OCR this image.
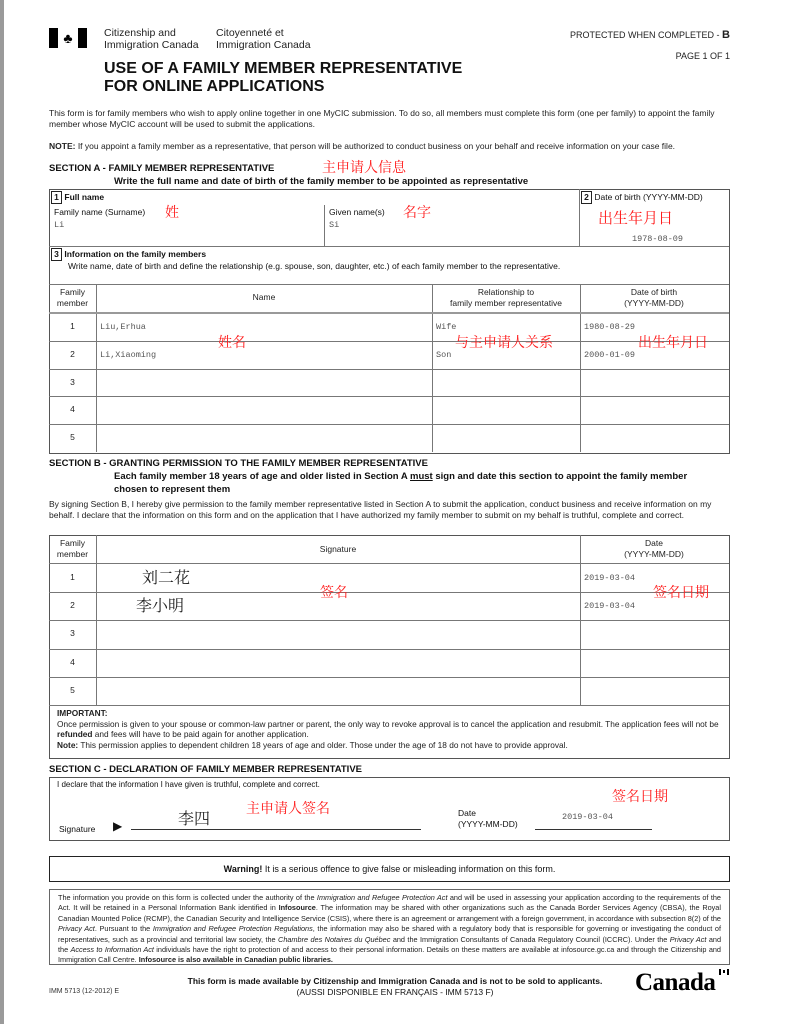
♣	Citizenship and
Immigration Canada
Citoyenneté et
Immigration Canada
PROTECTED WHEN COMPLETED - B
PAGE 1 OF 1
USE OF A FAMILY MEMBER REPRESENTATIVE
FOR ONLINE APPLICATIONS
This form is for family members who wish to apply online together in one MyCIC submission. To do so, all members must complete this form (one per family) to appoint the family member whose MyCIC account will be used to submit the applications.
NOTE: If you appoint a family member as a representative, that person will be authorized to conduct business on your behalf and receive information on your case file.
SECTION A - FAMILY MEMBER REPRESENTATIVE	主申请人信息
Write the full name and date of birth of the family member to be appointed as representative
1 Full name
Family name (Surname) 姓
Li
Given name(s) 名字
Si
2 Date of birth (YYYY-MM-DD)
出生年月日
1978-08-09
3 Information on the family members
Write name, date of birth and define the relationship (e.g. spouse, son, daughter, etc.) of each family member to the representative.
Family
member
Name	Relationship to
family member representative
Date of birth
(YYYY-MM-DD)
1	Liu,Erhua	Wife	1980-08-29
2	Li,Xiaoming	Son	2000-01-09
3
4
5
姓名	与主申请人关系	出生年月日
SECTION B - GRANTING PERMISSION TO THE FAMILY MEMBER REPRESENTATIVE
Each family member 18 years of age and older listed in Section A must sign and date this section to appoint the family member chosen to represent them
By signing Section B, I hereby give permission to the family member representative listed in Section A to submit the application, conduct business and receive information on my behalf. I declare that the information on this form and on the application that I have authorized my family member to submit on my behalf is truthful, complete and correct.
Family
member	Signature
Date
(YYYY-MM-DD)
1	刘二花	2019-03-04
2	李小明	2019-03-04
3
4
5
签名	签名日期
IMPORTANT:
Once permission is given to your spouse or common-law partner or parent, the only way to revoke approval is to cancel the application and resubmit. The application fees will not be refunded and fees will have to be paid again for another application.
Note: This permission applies to dependent children 18 years of age and older. Those under the age of 18 do not have to provide approval.
SECTION C - DECLARATION OF FAMILY MEMBER REPRESENTATIVE
I declare that the information I have given is truthful, complete and correct.
签名日期
主申请人签名
Signature ▶	李四	Date
(YYYY-MM-DD)
2019-03-04
Warning! It is a serious offence to give false or misleading information on this form.
The information you provide on this form is collected under the authority of the Immigration and Refugee Protection Act and will be used in assessing your application according to the requirements of the Act. It will be retained in a Personal Information Bank identified in Infosource. The information may be shared with other organizations such as the Canada Border Services Agency (CBSA), the Royal Canadian Mounted Police (RCMP), the Canadian Security and Intelligence Service (CSIS), where there is an agreement or arrangement with a foreign government, in accordance with subsection 8(2) of the Privacy Act. Pursuant to the Immigration and Refugee Protection Regulations, the information may also be shared with a regulatory body that is responsible for governing or investigating the conduct of representatives, such as a provincial and territorial law society, the Chambre des Notaires du Québec and the Immigration Consultants of Canada Regulatory Council (ICCRC). Under the Privacy Act and the Access to Information Act individuals have the right to protection of and access to their personal information. Details on these matters are available at infosource.gc.ca and through the Citizenship and Immigration Call Centre. Infosource is also available in Canadian public libraries.
IMM 5713 (12-2012) E
This form is made available by Citizenship and Immigration Canada and is not to be sold to applicants.
(AUSSI DISPONIBLE EN FRANÇAIS - IMM 5713 F)	Canada
